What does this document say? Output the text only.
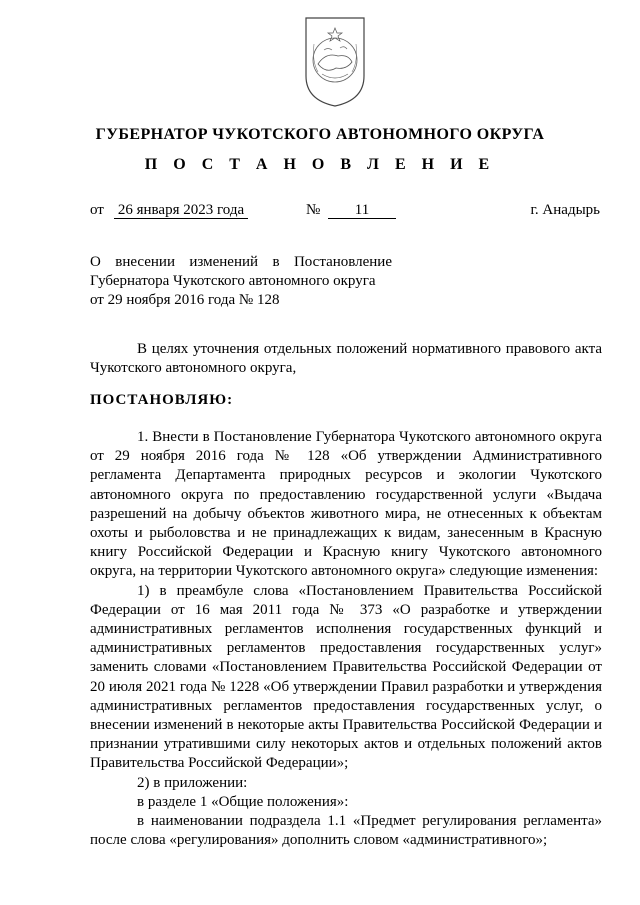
ГУБЕРНАТОР ЧУКОТСКОГО АВТОНОМНОГО ОКРУГА
П О С Т А Н О В Л Е Н И Е
от 26 января 2023 года	№	11	г. Анадырь
О внесении изменений в Постановление
Губернатора Чукотского автономного округа
от 29 ноября 2016 года № 128

В целях уточнения отдельных положений нормативного правового акта Чукотского автономного округа,

ПОСТАНОВЛЯЮ:

1. Внести в Постановление Губернатора Чукотского автономного округа от 29 ноября 2016 года № 128 «Об утверждении Административного регламента Департамента природных ресурсов и экологии Чукотского автономного округа по предоставлению государственной услуги «Выдача разрешений на добычу объектов животного мира, не отнесенных к объектам охоты и рыболовства и не принадлежащих к видам, занесенным в Красную книгу Российской Федерации и Красную книгу Чукотского автономного округа, на территории Чукотского автономного округа» следующие изменения:

1) в преамбуле слова «Постановлением Правительства Российской Федерации от 16 мая 2011 года № 373 «О разработке и утверждении административных регламентов исполнения государственных функций и административных регламентов предоставления государственных услуг» заменить словами «Постановлением Правительства Российской Федерации от 20 июля 2021 года № 1228 «Об утверждении Правил разработки и утверждения административных регламентов предоставления государственных услуг, о внесении изменений в некоторые акты Правительства Российской Федерации и признании утратившими силу некоторых актов и отдельных положений актов Правительства Российской Федерации»;

2) в приложении:

в разделе 1 «Общие положения»:

в наименовании подраздела 1.1 «Предмет регулирования регламента» после слова «регулирования» дополнить словом «административного»;
